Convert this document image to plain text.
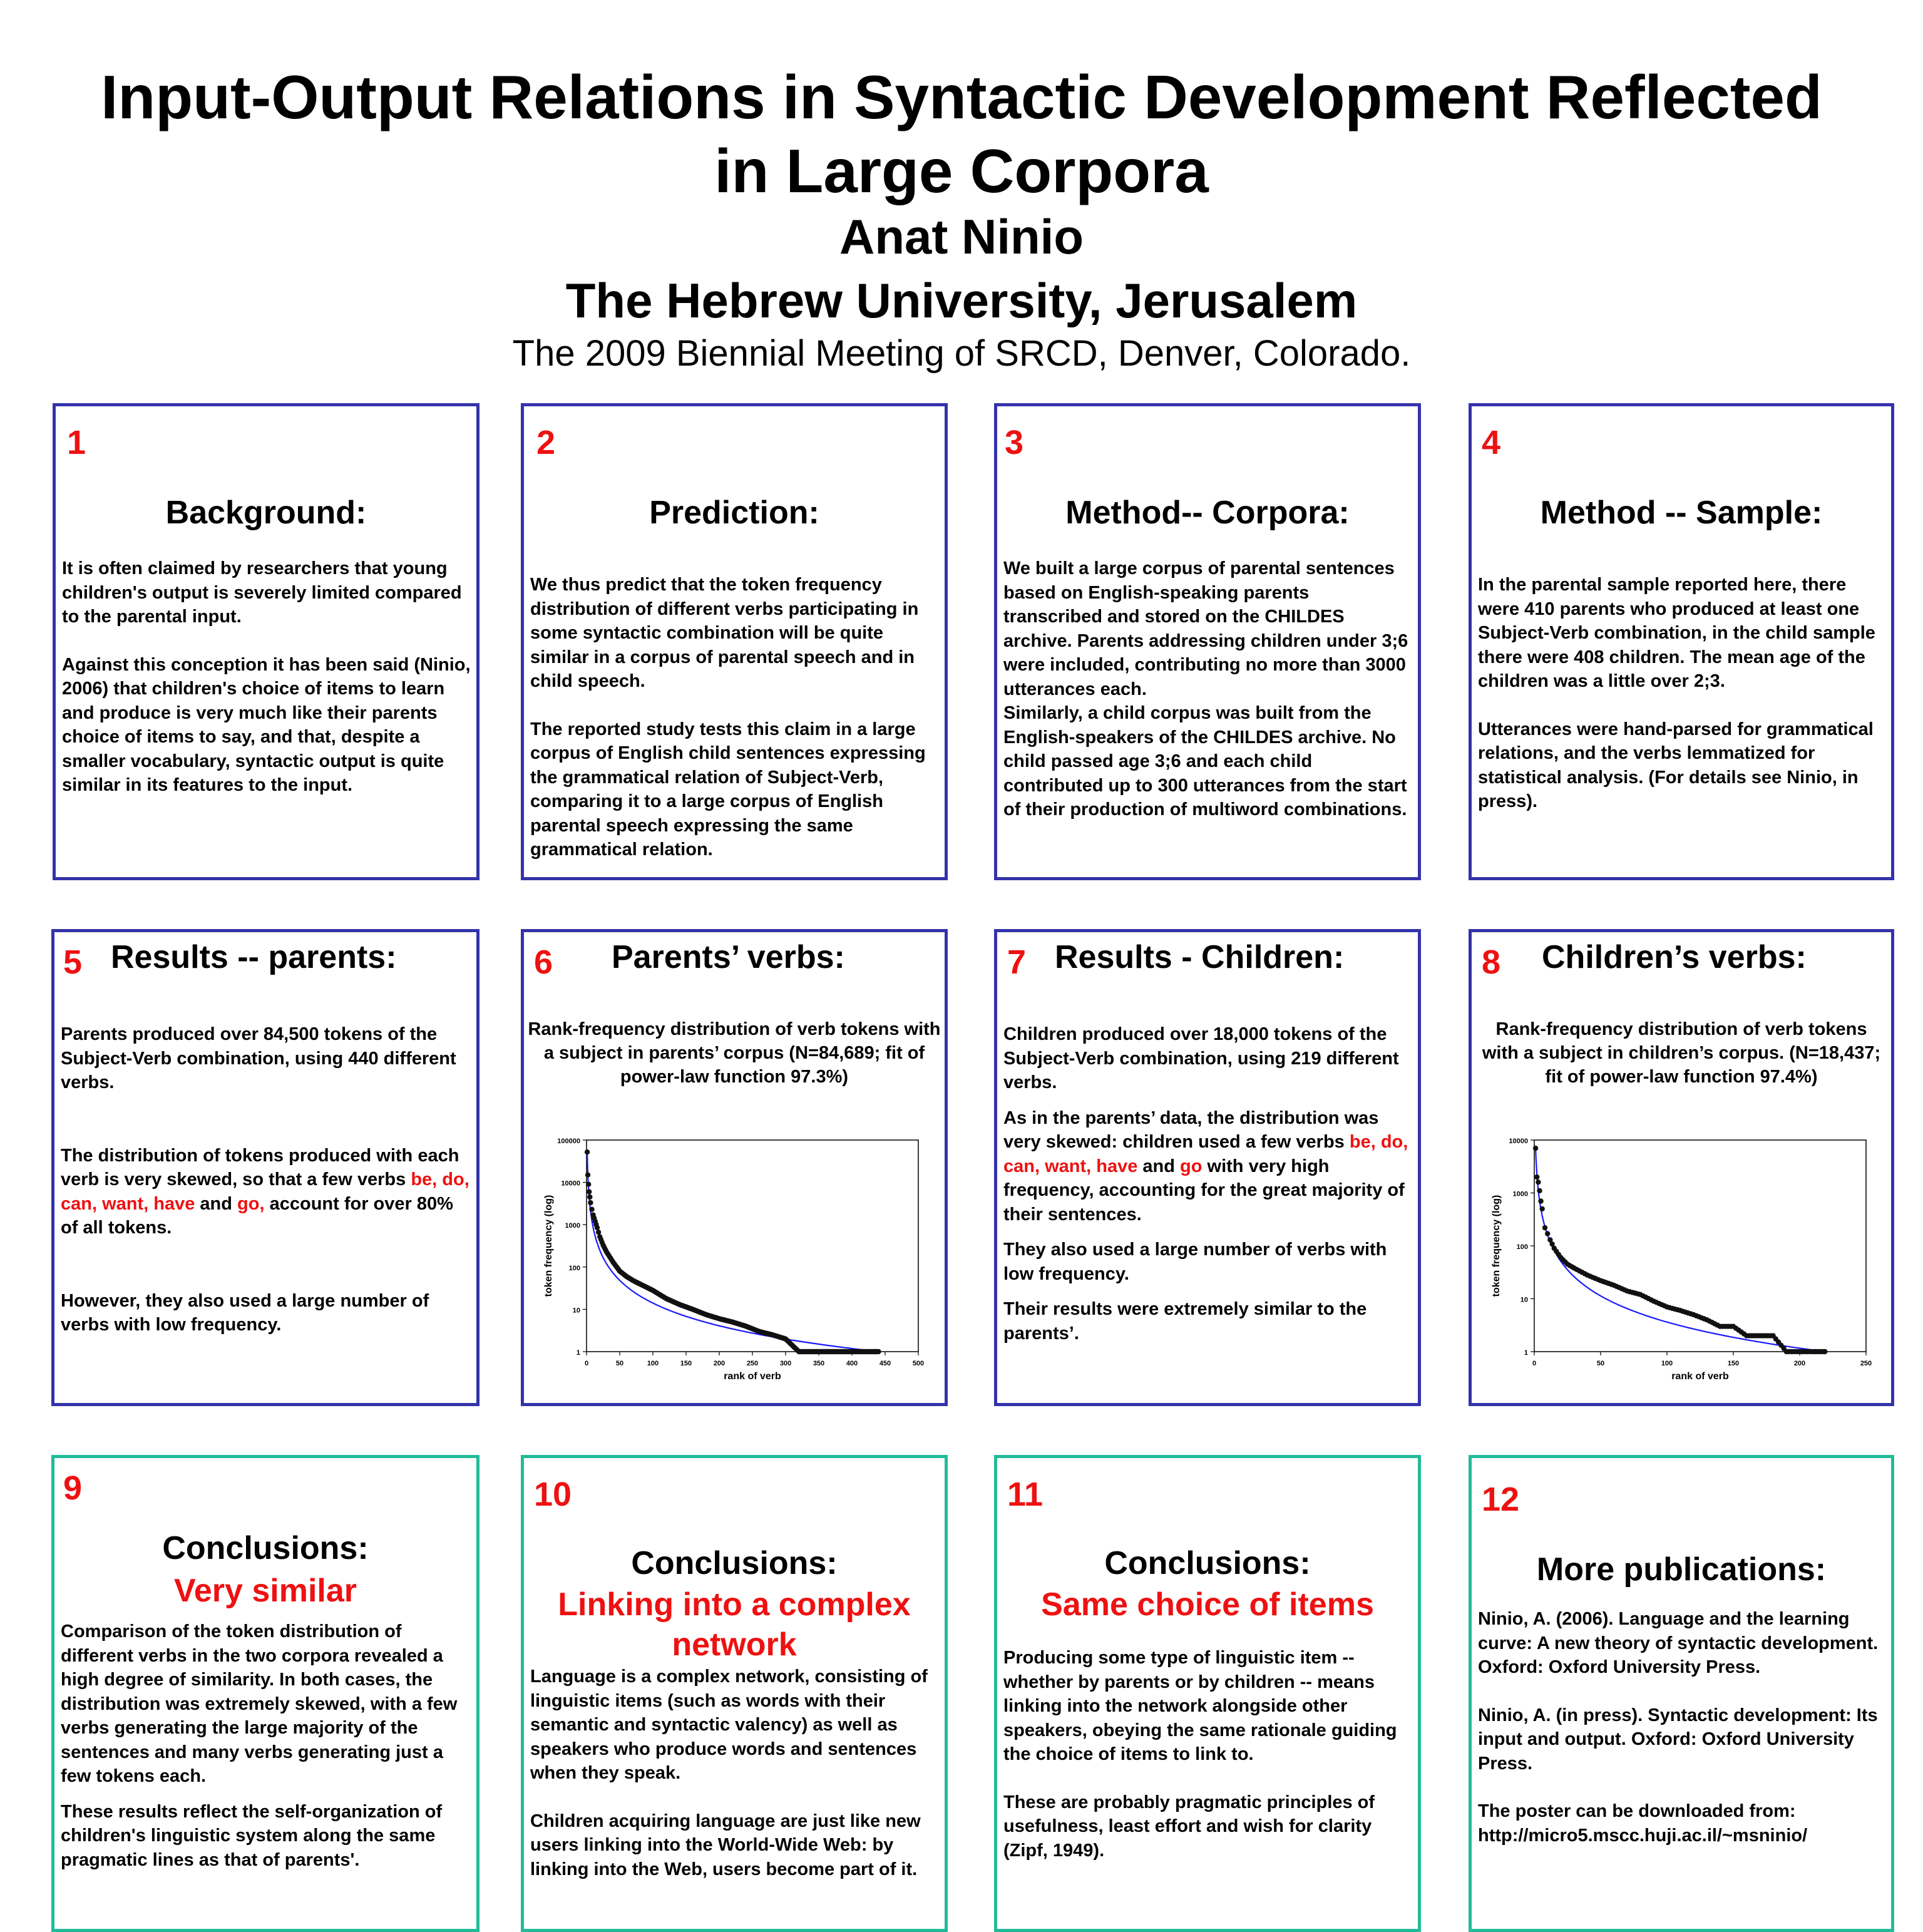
Input-Output Relations in Syntactic Development Reflected
in Large Corpora
Anat Ninio
The Hebrew University, Jerusalem
The 2009 Biennial Meeting of SRCD, Denver, Colorado.
1
Background:

It is often claimed by researchers that young children's output is severely limited compared to the parental input.

Against this conception it has been said (Ninio, 2006) that children's choice of items to learn and produce is very much like their parents choice of items to say, and that, despite a smaller vocabulary, syntactic output is quite similar in its features to the input.

2
Prediction:

We thus predict that the token frequency distribution of different verbs participating in some syntactic combination will be quite similar in a corpus of parental speech and in child speech.

The reported study tests this claim in a large corpus of English child sentences expressing the grammatical relation of Subject-Verb, comparing it to a large corpus of English parental speech expressing the same grammatical relation.

3
Method-- Corpora:

We built a large corpus of parental sentences based on English-speaking parents transcribed and stored on the CHILDES archive. Parents addressing children under 3;6 were included, contributing no more than 3000 utterances each.

Similarly, a child corpus was built from the English-speakers of the CHILDES archive. No child passed age 3;6 and each child contributed up to 300 utterances from the start of their production of multiword combinations.

4
Method -- Sample:

In the parental sample reported here, there were 410 parents who produced at least one Subject-Verb combination, in the child sample there were 408 children. The mean age of the children was a little over 2;3.

Utterances were hand-parsed for grammatical relations, and the verbs lemmatized for statistical analysis. (For details see Ninio, in press).

5 Results -- parents:

Parents produced over 84,500 tokens of the Subject-Verb combination, using 440 different verbs.

The distribution of tokens produced with each verb is very skewed, so that a few verbs be, do, can, want, have and go, account for over 80% of all tokens.

However, they also used a large number of verbs with low frequency.

6 Parents’ verbs:
Rank-frequency distribution of verb tokens with a subject in parents’ corpus (N=84,689; fit of power-law function 97.3%)
1
10
100
1000
10000
100000
0	50	100	150	200	250	300	350	400	450	500
rank of verb
token frequency (log)
7 Results - Children:

Children produced over 18,000 tokens of the Subject-Verb combination, using 219 different verbs.

As in the parents’ data, the distribution was very skewed: children used a few verbs be, do, can, want, have and go with very high frequency, accounting for the great majority of their sentences.

They also used a large number of verbs with low frequency.

Their results were extremely similar to the parents’.

8 Children’s verbs:
Rank-frequency distribution of verb tokens with a subject in children’s corpus. (N=18,437; fit of power-law function 97.4%)
1
10
100
1000
10000
0	50	100	150	200	250
rank of verb
token frequency (log)
9
Conclusions:
Very similar

Comparison of the token distribution of different verbs in the two corpora revealed a high degree of similarity. In both cases, the distribution was extremely skewed, with a few verbs generating the large majority of the sentences and many verbs generating just a few tokens each.

These results reflect the self-organization of children's linguistic system along the same pragmatic lines as that of parents'.

10
Conclusions:
Linking into a complex
network

Language is a complex network, consisting of linguistic items (such as words with their semantic and syntactic valency) as well as speakers who produce words and sentences when they speak.

Children acquiring language are just like new users linking into the World-Wide Web: by linking into the Web, users become part of it.

11
Conclusions:
Same choice of items

Producing some type of linguistic item -- whether by parents or by children -- means linking into the network alongside other speakers, obeying the same rationale guiding the choice of items to link to.

These are probably pragmatic principles of usefulness, least effort and wish for clarity (Zipf, 1949).

12
More publications:

Ninio, A. (2006). Language and the learning curve: A new theory of syntactic development. Oxford: Oxford University Press.

Ninio, A. (in press). Syntactic development: Its input and output. Oxford: Oxford University Press.

The poster can be downloaded from:

http://micro5.mscc.huji.ac.il/~msninio/
